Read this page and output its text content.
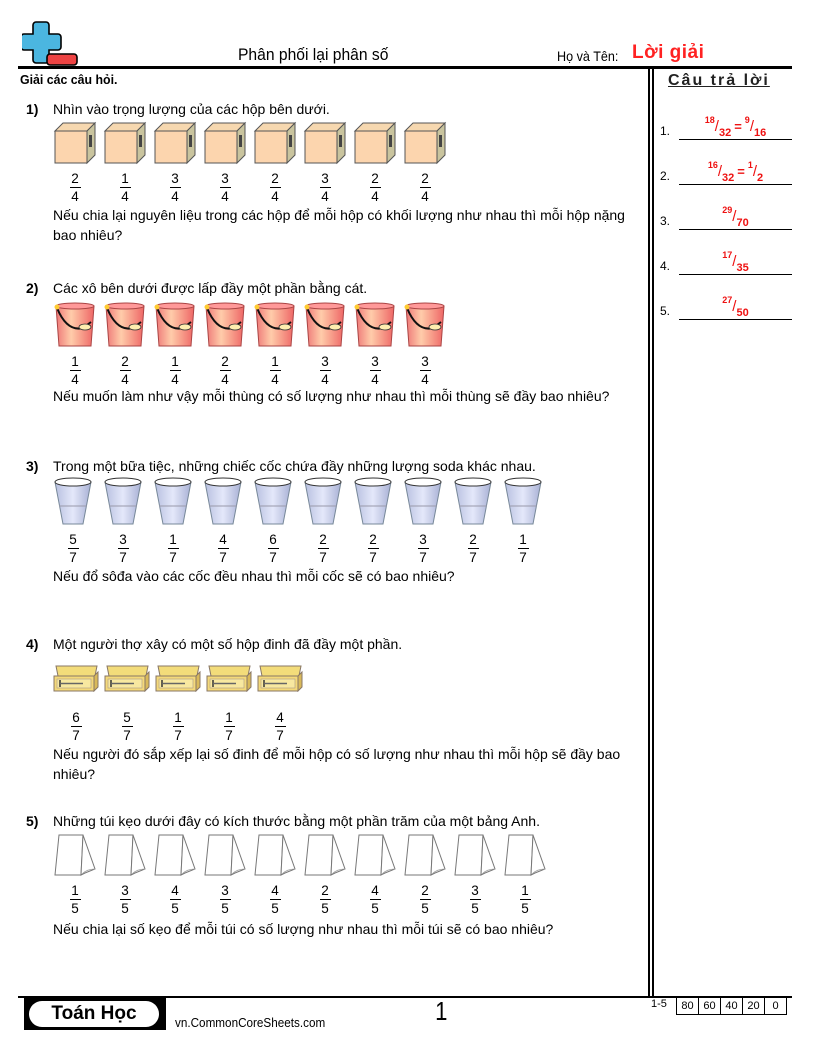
Phân phối lại phân số	Họ và Tên: Lời giải
Giải các câu hỏi.	Câu trả lời
1.
$^{18}/_{32} = ^9/_{16}$
2.
$^{16}/_{32} = ^1/_2$
3.
$^{29}/_{70}$
4.
$^{17}/_{35}$
5.
$^{27}/_{50}$
1) Nhìn vào trọng lượng của các hộp bên dưới.
$\frac{2}{4}$	$\frac{1}{4}$	$\frac{3}{4}$	$\frac{3}{4}$	$\frac{2}{4}$	$\frac{3}{4}$	$\frac{2}{4}$	$\frac{2}{4}$
Nếu chia lại nguyên liệu trong các hộp để mỗi hộp có khối lượng như nhau thì mỗi hộp nặng bao nhiêu?
2) Các xô bên dưới được lấp đầy một phần bằng cát.
$\frac{1}{4}$	$\frac{2}{4}$	$\frac{1}{4}$	$\frac{2}{4}$	$\frac{1}{4}$	$\frac{3}{4}$	$\frac{3}{4}$	$\frac{3}{4}$
Nếu muốn làm như vậy mỗi thùng có số lượng như nhau thì mỗi thùng sẽ đầy bao nhiêu?
3) Trong một bữa tiệc, những chiếc cốc chứa đầy những lượng soda khác nhau.
$\frac{5}{7}$	$\frac{3}{7}$	$\frac{1}{7}$	$\frac{4}{7}$	$\frac{6}{7}$	$\frac{2}{7}$	$\frac{2}{7}$	$\frac{3}{7}$	$\frac{2}{7}$	$\frac{1}{7}$
Nếu đổ sôđa vào các cốc đều nhau thì mỗi cốc sẽ có bao nhiêu?
4) Một người thợ xây có một số hộp đinh đã đầy một phần.
$\frac{6}{7}$	$\frac{5}{7}$	$\frac{1}{7}$	$\frac{1}{7}$	$\frac{4}{7}$
Nếu người đó sắp xếp lại số đinh để mỗi hộp có số lượng như nhau thì mỗi hộp sẽ đầy bao nhiêu?
5) Những túi kẹo dưới đây có kích thước bằng một phần trăm của một bảng Anh.
$\frac{1}{5}$	$\frac{3}{5}$	$\frac{4}{5}$	$\frac{3}{5}$	$\frac{4}{5}$	$\frac{2}{5}$	$\frac{4}{5}$	$\frac{2}{5}$	$\frac{3}{5}$	$\frac{1}{5}$
Nếu chia lại số kẹo để mỗi túi có số lượng như nhau thì mỗi túi sẽ có bao nhiêu?
Toán Học	vn.CommonCoreSheets.com	1	1-5	80 60 40 20	0
